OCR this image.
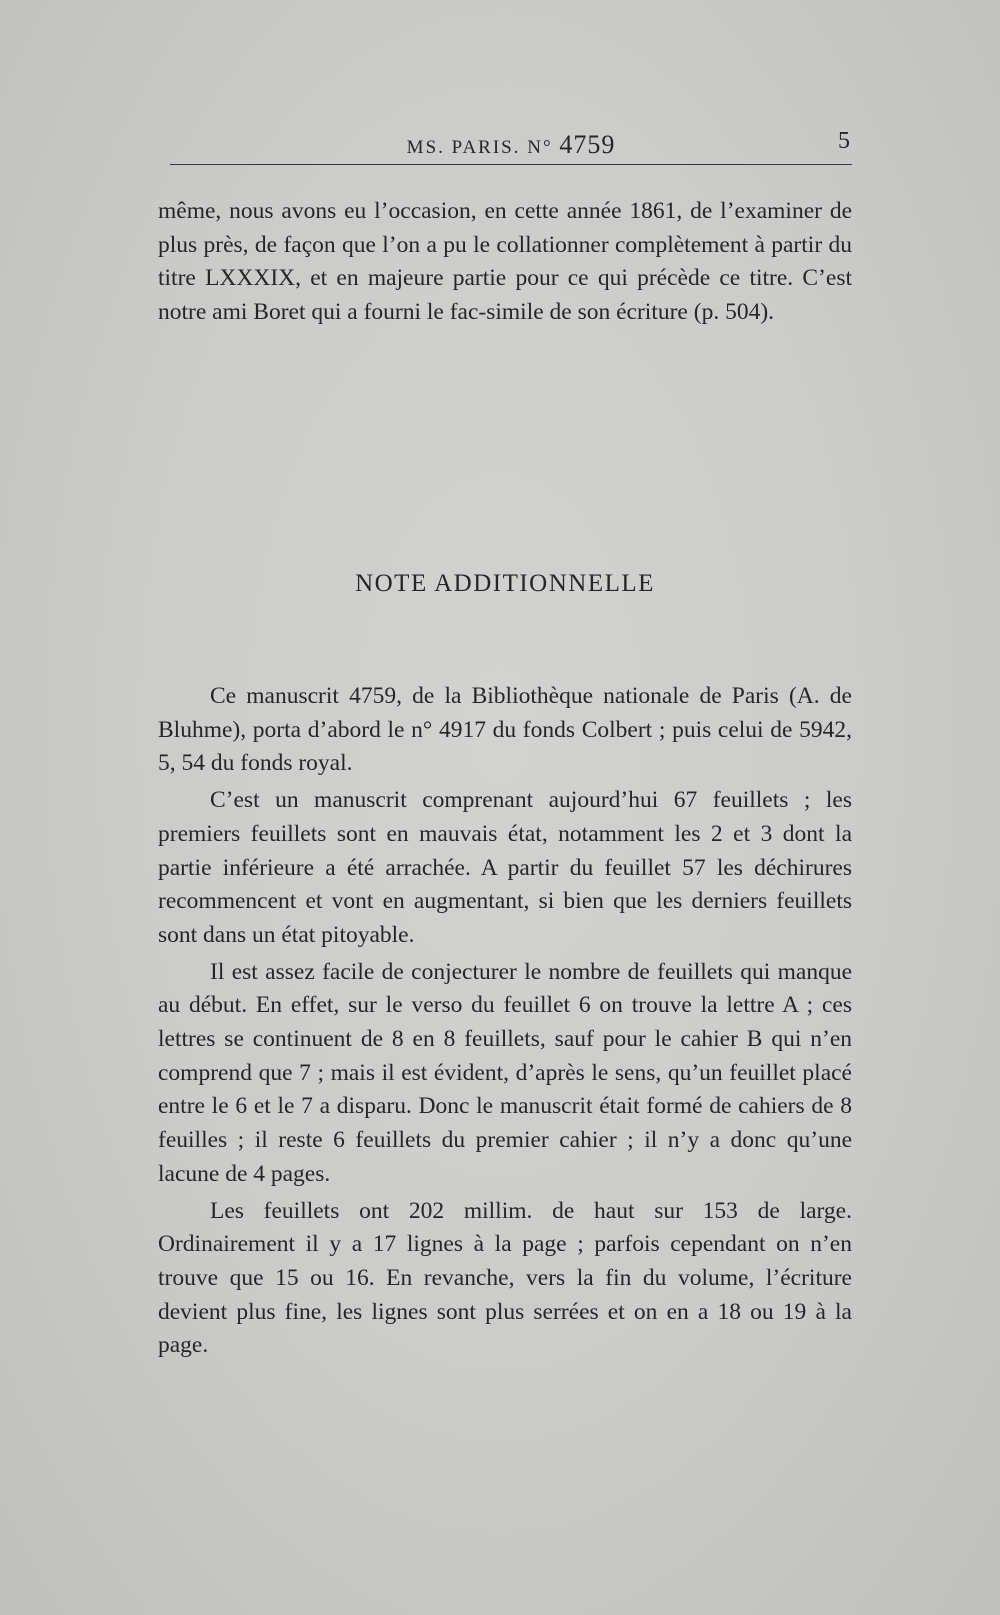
MS. PARIS. N° 4759	5

même, nous avons eu l’occasion, en cette année 1861, de l’examiner de plus près, de façon que l’on a pu le collationner complètement à partir du titre LXXXIX, et en majeure partie pour ce qui précède ce titre. C’est notre ami Boret qui a fourni le fac-simile de son écriture (p. 504).

NOTE ADDITIONNELLE

Ce manuscrit 4759, de la Bibliothèque nationale de Paris (A. de Bluhme), porta d’abord le n° 4917 du fonds Colbert ; puis celui de 5942, 5, 54 du fonds royal.

C’est un manuscrit comprenant aujourd’hui 67 feuillets ; les premiers feuillets sont en mauvais état, notamment les 2 et 3 dont la partie inférieure a été arrachée. A partir du feuillet 57 les déchirures recommencent et vont en augmentant, si bien que les derniers feuillets sont dans un état pitoyable.

Il est assez facile de conjecturer le nombre de feuillets qui manque au début. En effet, sur le verso du feuillet 6 on trouve la lettre A ; ces lettres se continuent de 8 en 8 feuillets, sauf pour le cahier B qui n’en comprend que 7 ; mais il est évident, d’après le sens, qu’un feuillet placé entre le 6 et le 7 a disparu. Donc le manuscrit était formé de cahiers de 8 feuilles ; il reste 6 feuillets du premier cahier ; il n’y a donc qu’une lacune de 4 pages.

Les feuillets ont 202 millim. de haut sur 153 de large. Ordinairement il y a 17 lignes à la page ; parfois cependant on n’en trouve que 15 ou 16. En revanche, vers la fin du volume, l’écriture devient plus fine, les lignes sont plus serrées et on en a 18 ou 19 à la page.
